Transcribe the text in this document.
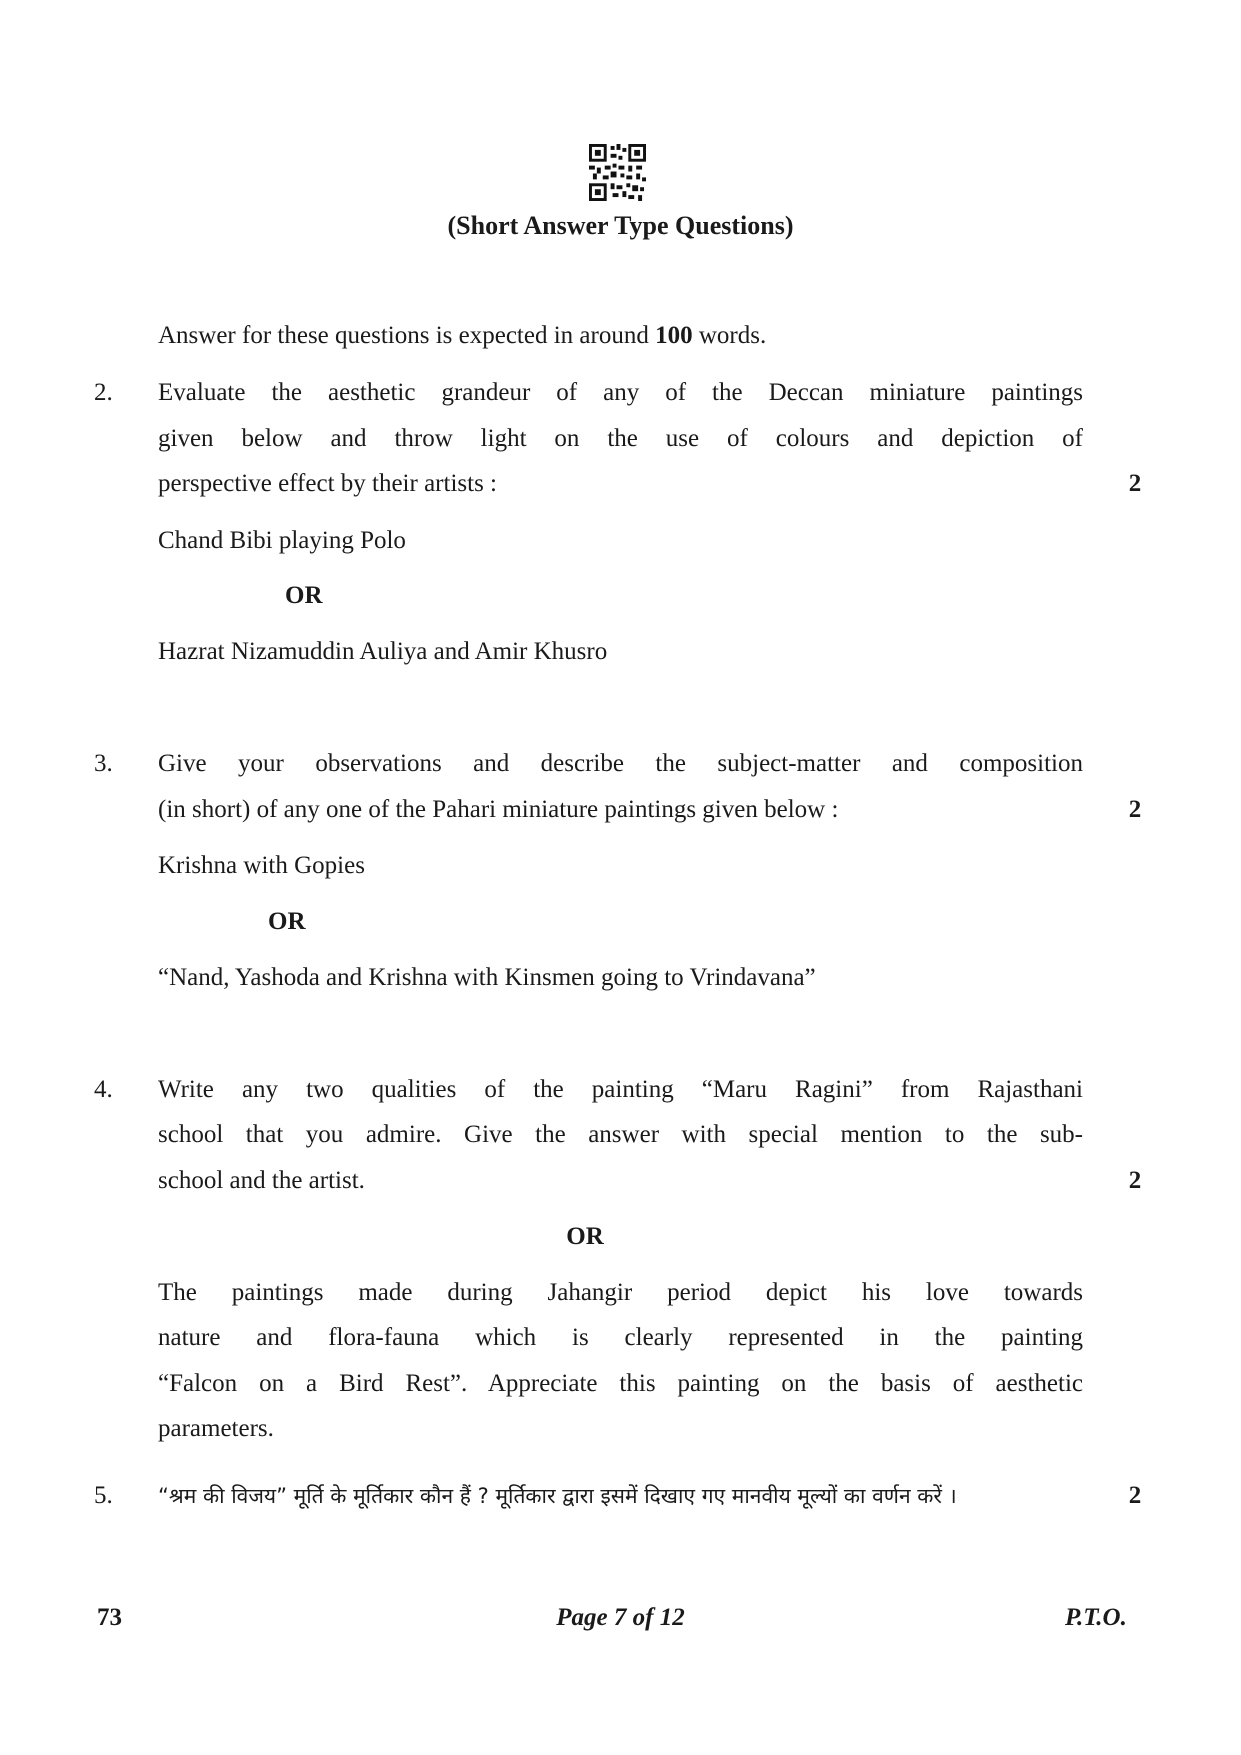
(Short Answer Type Questions)
Answer for these questions is expected in around 100 words.
2. Evaluate the aesthetic grandeur of any of the Deccan miniature paintings
given below and throw light on the use of colours and depiction of
perspective effect by their artists :	2
Chand Bibi playing Polo
OR
Hazrat Nizamuddin Auliya and Amir Khusro
3. Give your observations and describe the subject-matter and composition
(in short) of any one of the Pahari miniature paintings given below :	2
Krishna with Gopies
OR
“Nand, Yashoda and Krishna with Kinsmen going to Vrindavana”
4. Write any two qualities of the painting “Maru Ragini” from Rajasthani
school that you admire. Give the answer with special mention to the sub-
school and the artist.	2
OR
The paintings made during Jahangir period depict his love towards
nature and flora-fauna which is clearly represented in the painting
“Falcon on a Bird Rest”. Appreciate this painting on the basis of aesthetic
parameters.
5. “श्रम की विजय” मूर्ति के मूर्तिकार कौन हैं ? मूर्तिकार द्वारा इसमें दिखाए गए मानवीय मूल्यों का वर्णन करें ।	2
73	Page 7 of 12	P.T.O.
